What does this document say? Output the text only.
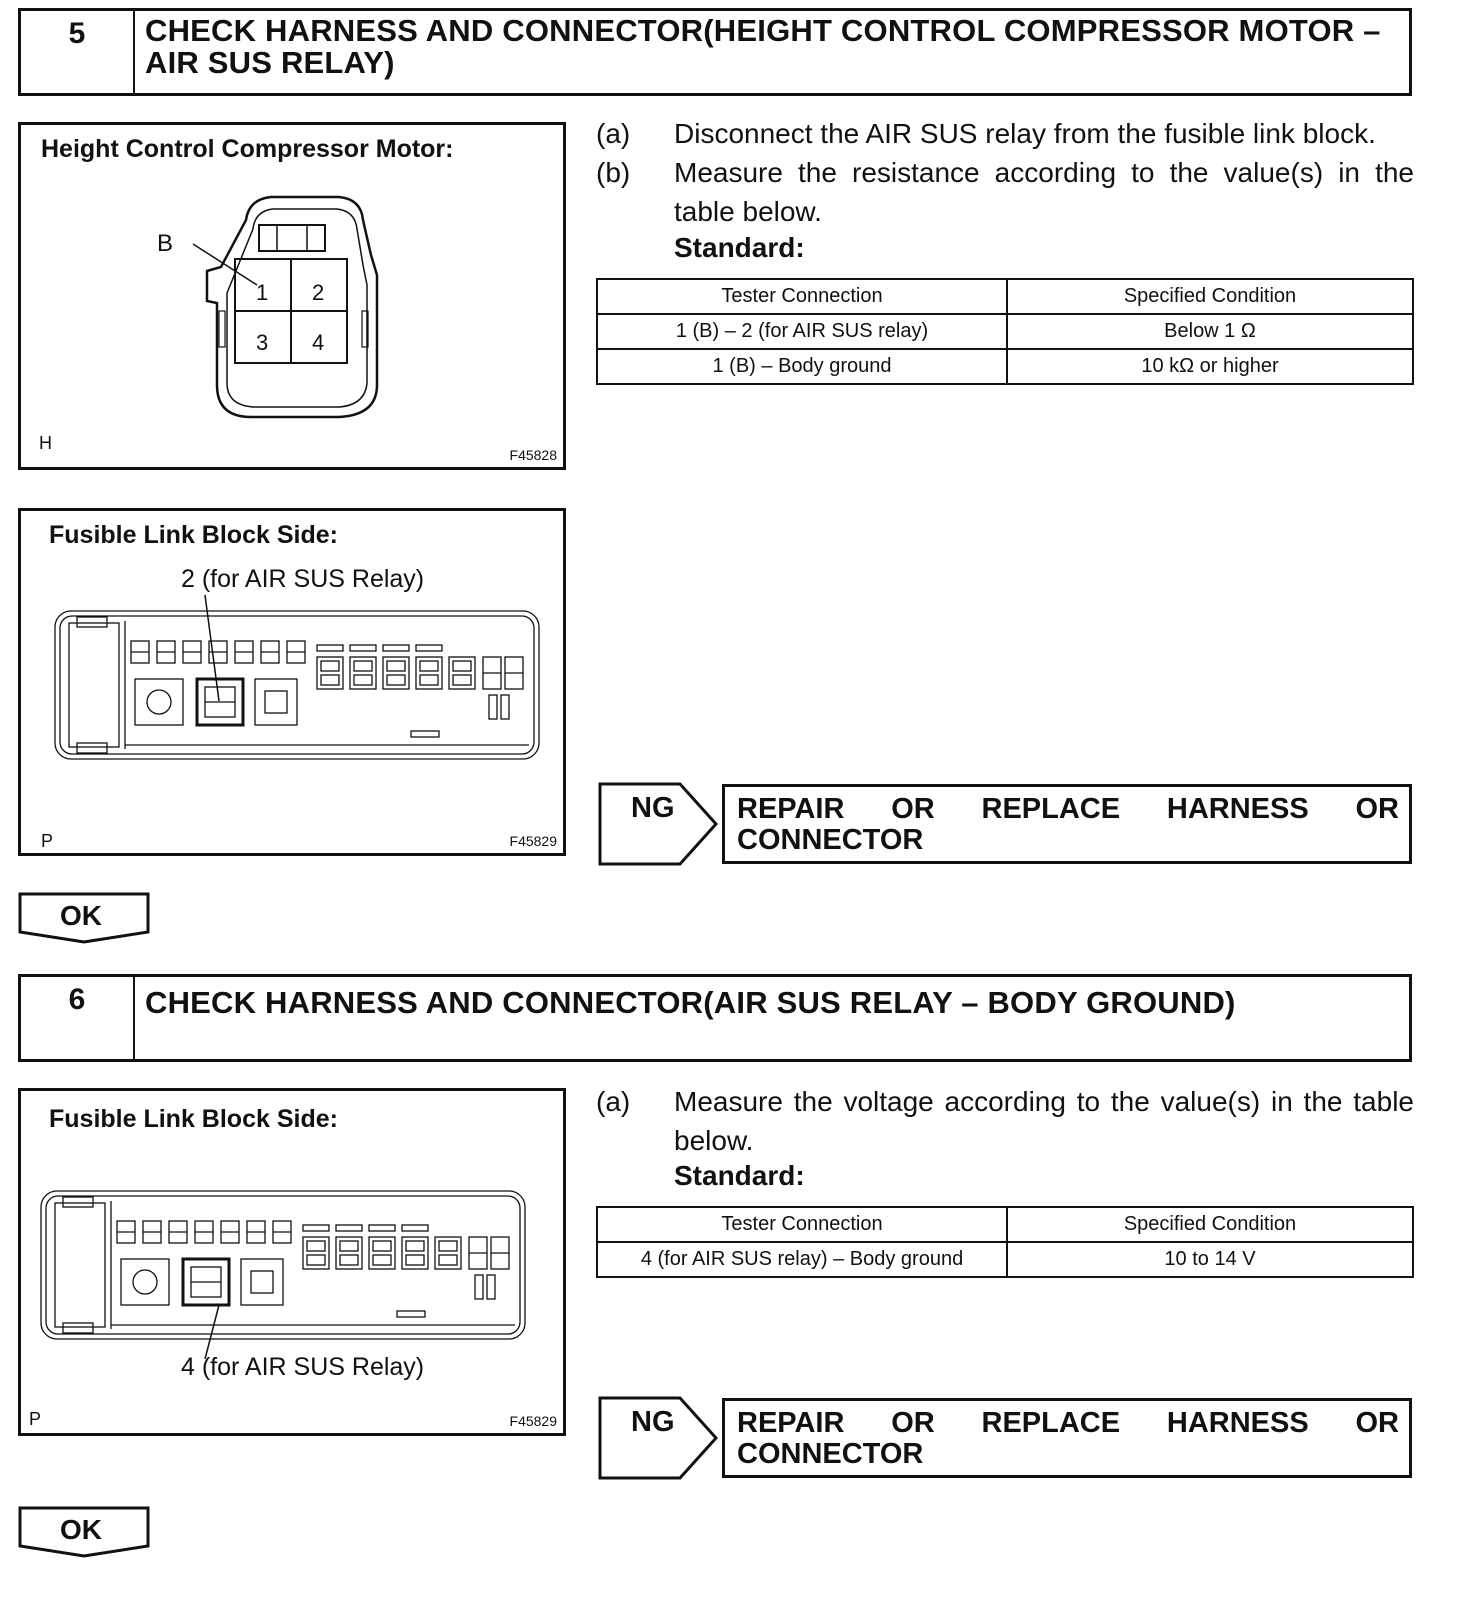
5	CHECK HARNESS AND CONNECTOR(HEIGHT CONTROL COMPRESSOR MOTOR – AIR SUS RELAY)
Height Control Compressor Motor:
B
1 2
3 4
H
F45828
Fusible Link Block Side:
2 (for AIR SUS Relay)
P	F45829
(a) Disconnect the AIR SUS relay from the fusible link block.
(b) Measure the resistance according to the value(s) in the table below.
Standard:
Tester Connection	Specified Condition
1 (B) – 2 (for AIR SUS relay)	Below 1 Ω
1 (B) – Body ground	10 kΩ or higher
NG REPAIR OR REPLACE HARNESS OR
CONNECTOR
OK
6	CHECK HARNESS AND CONNECTOR(AIR SUS RELAY – BODY GROUND)
Fusible Link Block Side:
4 (for AIR SUS Relay)
P	F45829
(a) Measure the voltage according to the value(s) in the table below.
Standard:
Tester Connection	Specified Condition
4 (for AIR SUS relay) – Body ground	10 to 14 V
NG REPAIR OR REPLACE HARNESS OR
CONNECTOR
OK
